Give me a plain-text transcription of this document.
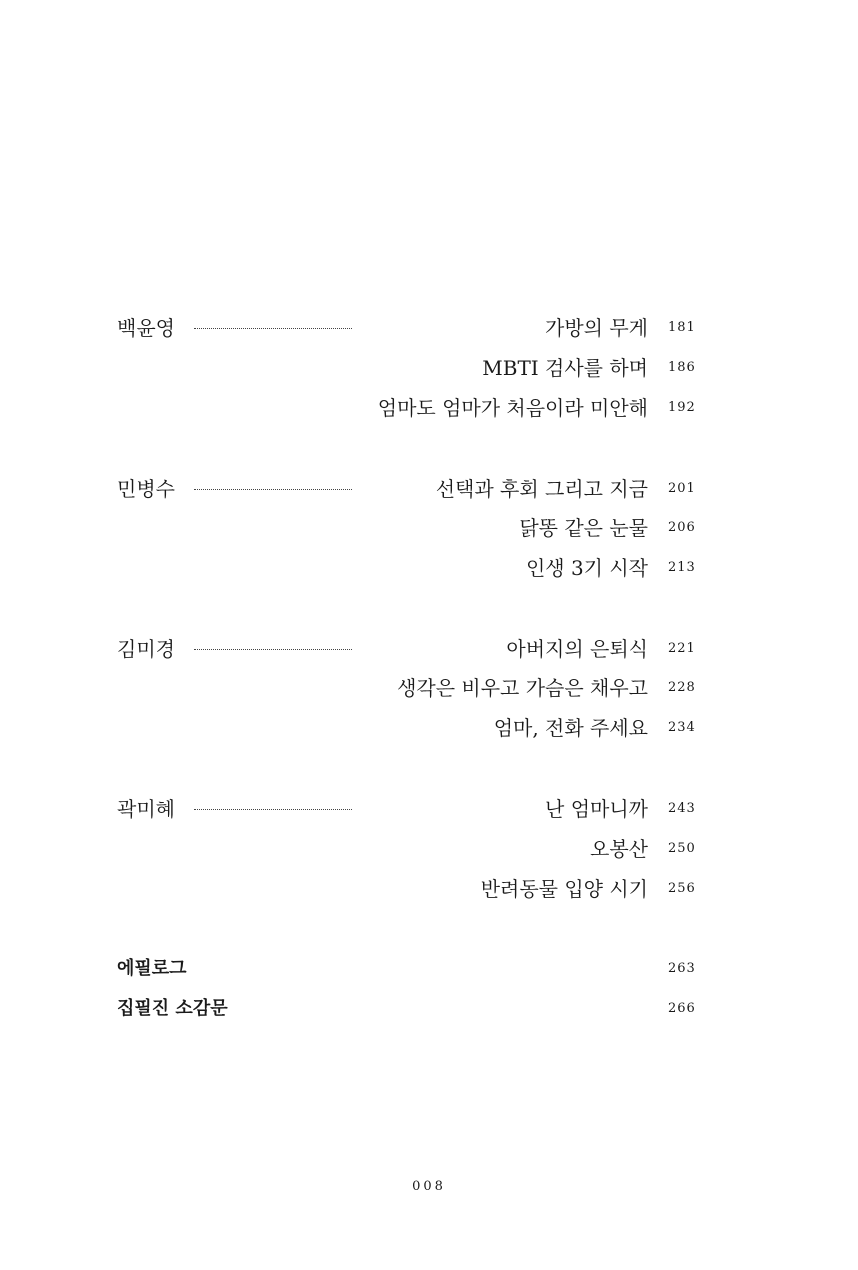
백윤영	가방의 무게 181
MBTI 검사를 하며 186
엄마도 엄마가 처음이라 미안해 192
민병수	선택과 후회 그리고 지금 201
닭똥 같은 눈물 206
인생 3기 시작 213
김미경	아버지의 은퇴식 221
생각은 비우고 가슴은 채우고 228
엄마, 전화 주세요 234
곽미혜	난 엄마니까 243
오봉산 250
반려동물 입양 시기 256
에필로그	263
집필진 소감문	266
008
